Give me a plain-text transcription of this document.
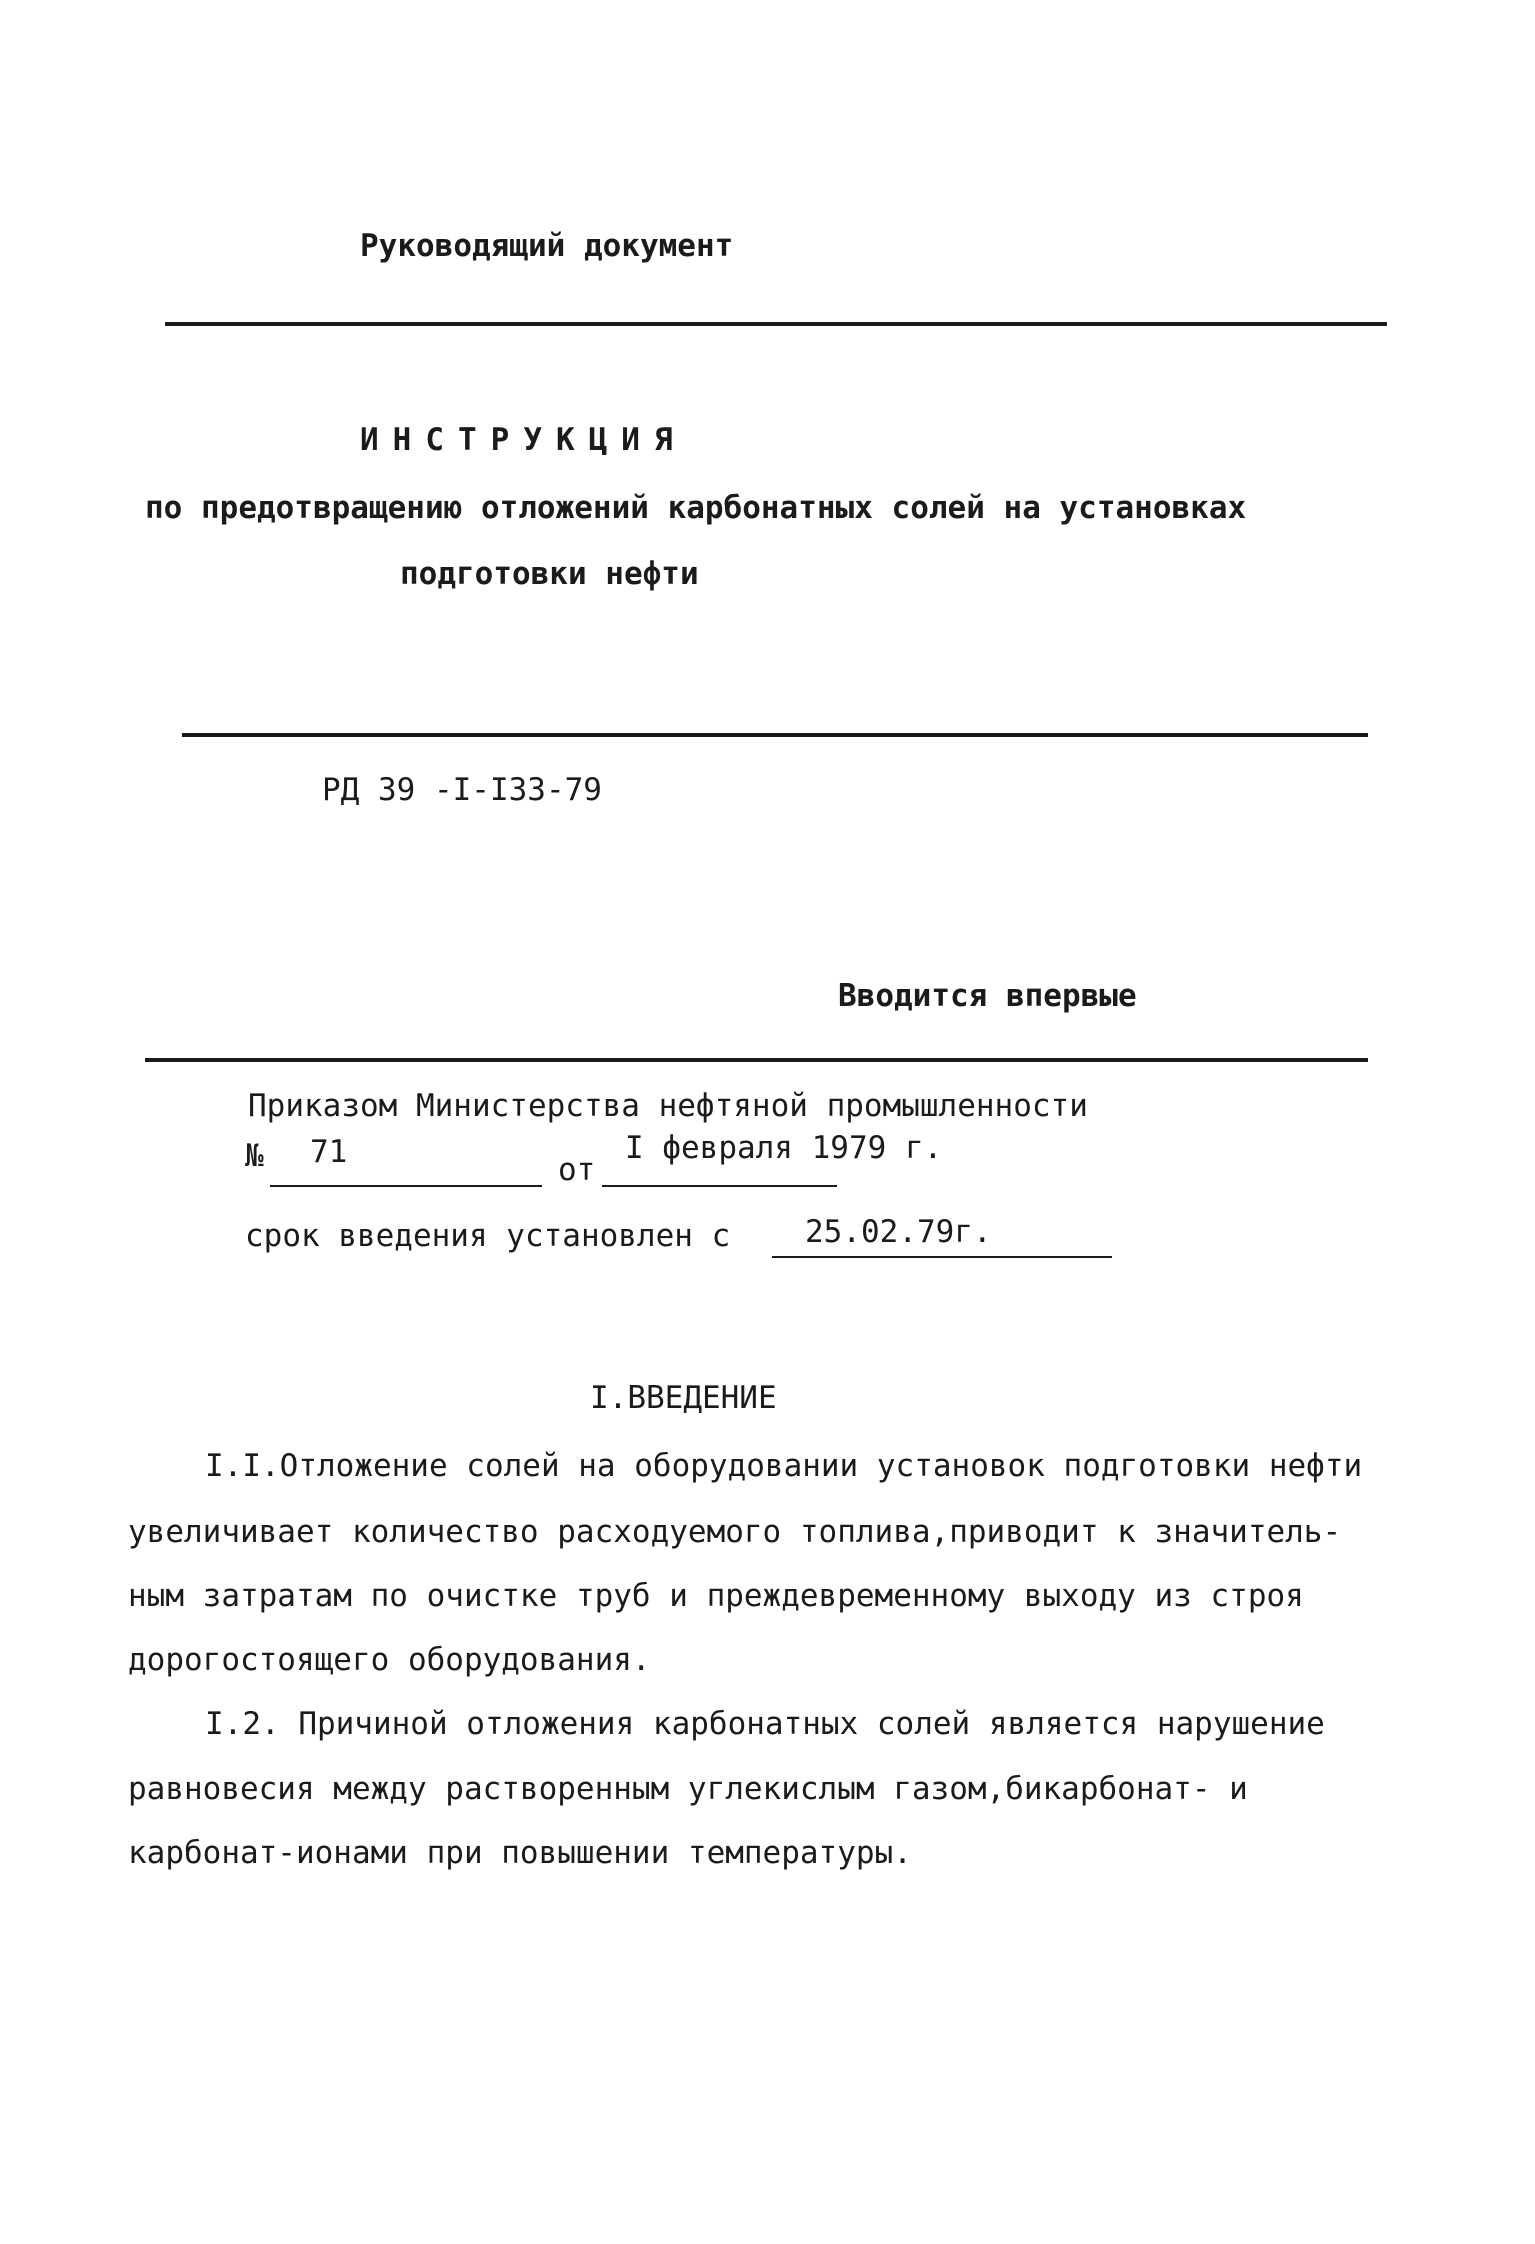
Руководящий документ
ИНСТРУКЦИЯ
по предотвращению отложений карбонатных солей на установках
подготовки нефти
РД 39 -I-I33-79
Вводится впервые
Приказом Министерства нефтяной промышленности
№ 71	от
I февраля 1979 г.
срок введения установлен с 25.02.79г.
I.ВВЕДЕНИЕ
I.I.Отложение солей на оборудовании установок подготовки нефти
увеличивает количество расходуемого топлива,приводит к значитель-
ным затратам по очистке труб и преждевременному выходу из строя
дорогостоящего оборудования.
I.2. Причиной отложения карбонатных солей является нарушение
равновесия между растворенным углекислым газом,бикарбонат- и
карбонат-ионами при повышении температуры.
